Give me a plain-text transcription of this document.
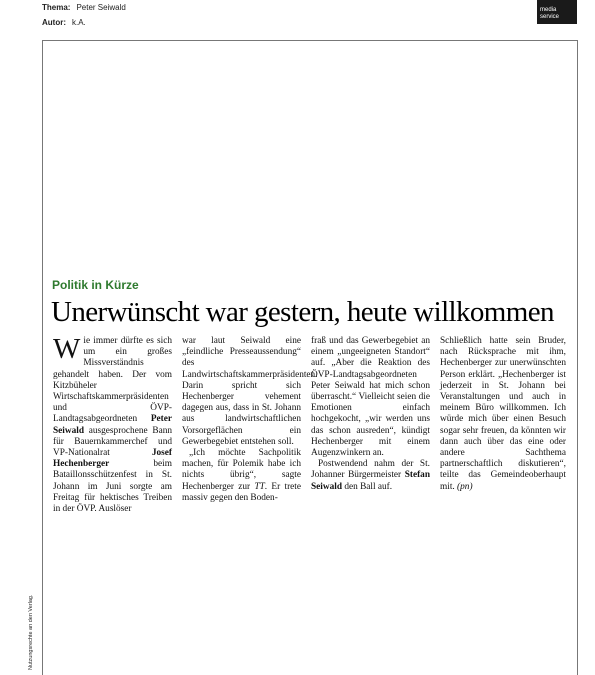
Thema: Peter Seiwald
Autor: k.A.
media
service
Nutzungsrechte an den Verlag.
Politik in Kürze
Unerwünscht war gestern, heute willkommen

Wie immer dürfte es sich um ein großes Missverständnis gehandelt haben. Der vom Kitzbüheler Wirtschaftskammerpräsidenten und ÖVP-Landtagsabgeordneten Peter Seiwald ausgesprochene Bann für Bauernkammerchef und VP-Nationalrat Josef Hechenberger beim Bataillonsschützenfest in St. Johann im Juni sorgte am Freitag für hektisches Treiben in der ÖVP. Auslöser

war laut Seiwald eine „feindliche Presseaussendung“ des Landwirtschaftskammerpräsidenten. Darin spricht sich Hechenberger vehement dagegen aus, dass in St. Johann aus landwirtschaftlichen Vorsorgeflächen ein Gewerbegebiet entstehen soll.

„Ich möchte Sachpolitik machen, für Polemik habe ich nichts übrig“, sagte Hechenberger zur TT. Er trete massiv gegen den Boden-

fraß und das Gewerbegebiet an einem „ungeeigneten Standort“ auf. „Aber die Reaktion des ÖVP-Landtagsabgeordneten Peter Seiwald hat mich schon überrascht.“ Vielleicht seien die Emotionen einfach hochgekocht, „wir werden uns das schon ausreden“, kündigt Hechenberger mit einem Augenzwinkern an.

Postwendend nahm der St. Johanner Bürgermeister Stefan Seiwald den Ball auf.

Schließlich hatte sein Bruder, nach Rücksprache mit ihm, Hechenberger zur unerwünschten Person erklärt. „Hechenberger ist jederzeit in St. Johann bei Veranstaltungen und auch in meinem Büro willkommen. Ich würde mich über einen Besuch sogar sehr freuen, da könnten wir dann auch über das eine oder andere Sachthema partnerschaftlich diskutieren“, teilte das Gemeindeoberhaupt mit. (pn)
